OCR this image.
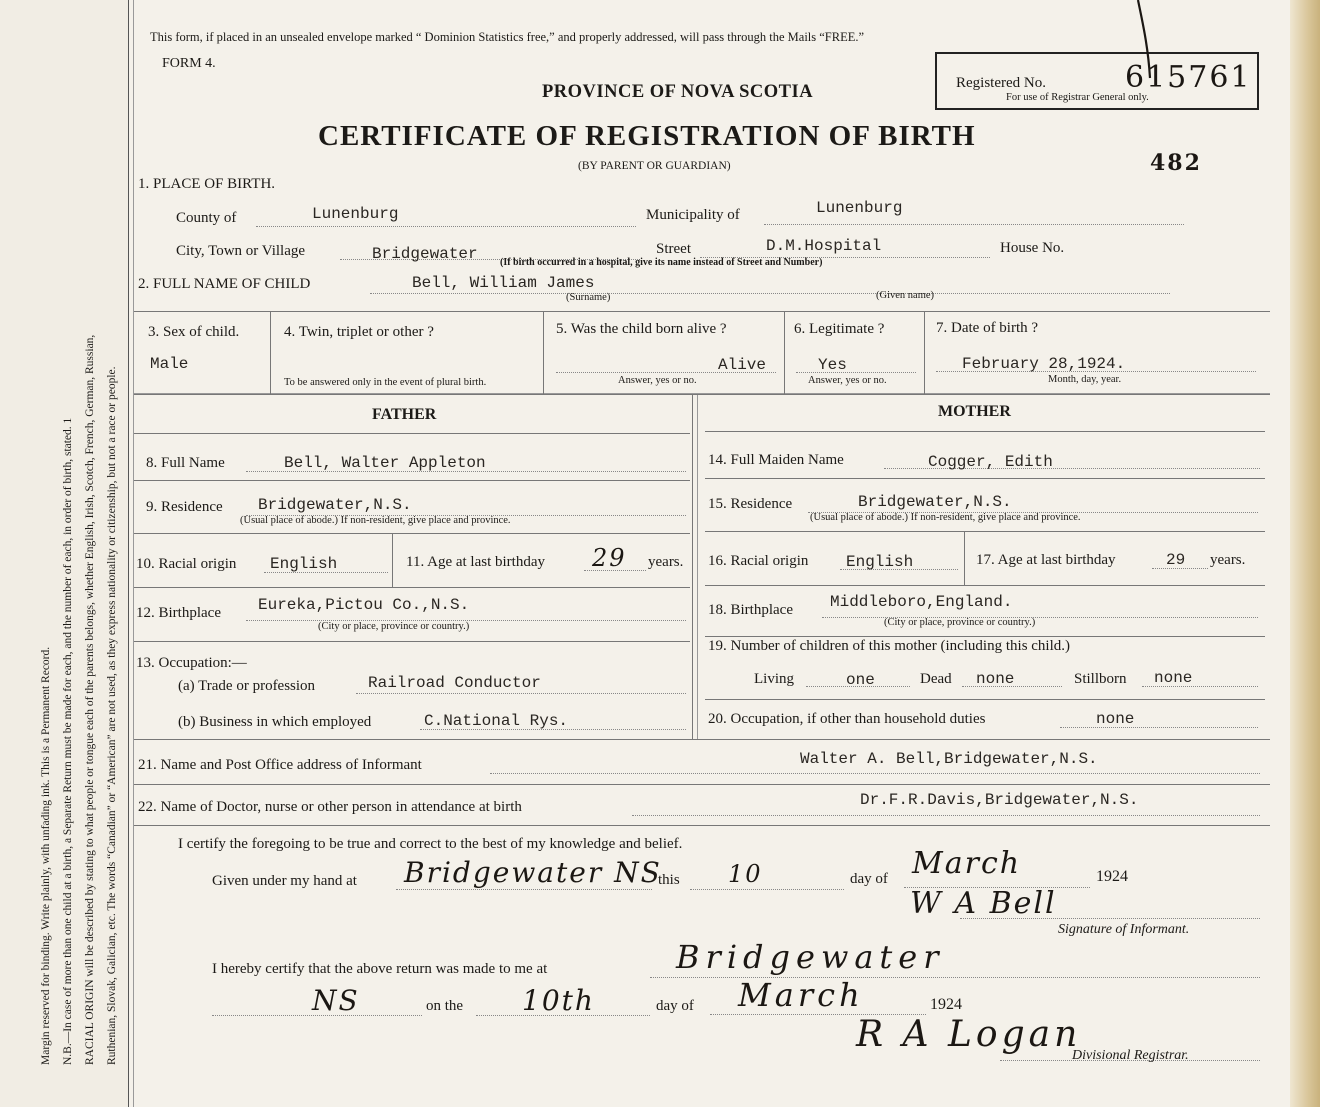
Margin reserved for binding. Write plainly, with unfading ink. This is a Permanent Record. N.B.—In case of more than one child at a birth, a Separate Return must be made for each, and the number of each, in order of birth, stated. 1 RACIAL ORIGIN will be described by stating to what people or tongue each of the parents belongs, whether English, Irish, Scotch, French, German, Russian, Ruthenian, Slovak, Galician, etc. The words “Canadian” or “American” are not used, as they express nationality or citizenship, but not a race or people.
This form, if placed in an unsealed envelope marked “ Dominion Statistics free,” and properly addressed, will pass through the Mails “FREE.”
FORM 4.
PROVINCE OF NOVA SCOTIA
CERTIFICATE OF REGISTRATION OF BIRTH
(BY PARENT OR GUARDIAN)
Registered No.	615761
For use of Registrar General only.
482
1. PLACE OF BIRTH.
County of	Lunenburg	Municipality of	Lunenburg
City, Town or Village	Bridgewater	Street	D.M.Hospital	House No.
(If birth occurred in a hospital, give its name instead of Street and Number)
2. FULL NAME OF CHILD	Bell, William James
(Surname)	(Given name)
3. Sex of child.
Male
4. Twin, triplet or other ?
To be answered only in the event of plural birth.
5. Was the child born alive ?
Alive
Answer, yes or no.
6. Legitimate ?
Yes
Answer, yes or no.
7. Date of birth ?
February 28,1924.
Month, day, year.
FATHER	MOTHER
8. Full Name	Bell, Walter Appleton
9. Residence Bridgewater,N.S.
(Usual place of abode.) If non-resident, give place and province.
10. Racial origin English	11. Age at last birthday 29 years.
12. Birthplace Eureka,Pictou Co.,N.S.
(City or place, province or country.)
13. Occupation:—
(a) Trade or profession	Railroad Conductor
(b) Business in which employed	C.National Rys.
14. Full Maiden Name	Cogger, Edith
15. Residence	Bridgewater,N.S.
(Usual place of abode.) If non-resident, give place and province.
16. Racial origin English	17. Age at last birthday	29 years.
18. Birthplace Middleboro,England.
(City or place, province or country.)
19. Number of children of this mother (including this child.)
Living	one	Dead none	Stillborn none
20. Occupation, if other than household duties	none
21. Name and Post Office address of Informant	Walter A. Bell,Bridgewater,N.S.
22. Name of Doctor, nurse or other person in attendance at birth	Dr.F.R.Davis,Bridgewater,N.S.
I certify the foregoing to be true and correct to the best of my knowledge and belief.
Given under my hand at Bridgewater NS
this 10	day of March	1924
W A Bell
Signature of Informant.
I hereby certify that the above return was made to me at	Bridgewater
NS	on the 10th	day of March	1924
R A Logan
Divisional Registrar.
